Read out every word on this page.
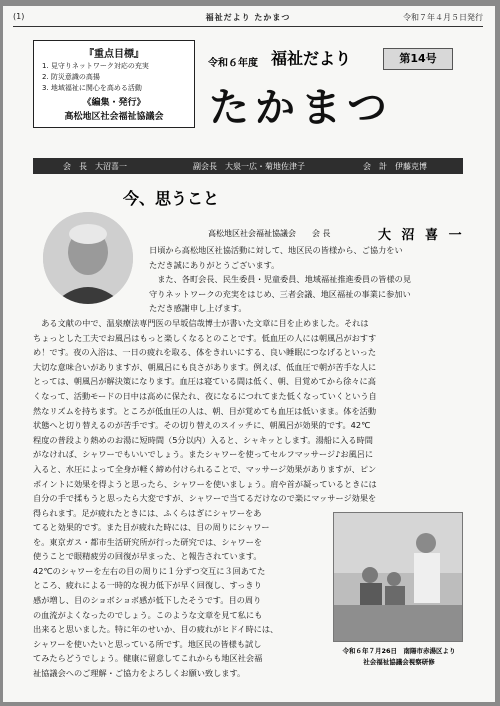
(1)	福祉だより たかまつ	令和７年４月５日発行
『重点目標』
1. 見守りネットワーク対応の充実
2. 防災意識の高揚
3. 地域福祉に関心を高める活動
《編集・発行》
高松地区社会福祉協議会
令和６年度 福祉だより	第14号
たかまつ
会　長　大沼喜一	副会長　大泉一広・菊地佐津子	会　計　伊藤克博
今、思うこと
高松地区社会福祉協議会　　会 長	大 沼 喜 一
日頃から高松地区社協活動に対して、地区民の皆様から、ご協力をい
ただき誠にありがとうございます。
　また、各町会長、民生委員・児童委員、地域福祉推進委員の皆様の見
守りネットワークの充実をはじめ、三者会議、地区福祉の事業に参加い
ただき感謝申し上げます。
　ある文献の中で、温泉療法専門医の早坂信哉博士が書いた文章に目を止めました。それは
ちょっとした工夫でお風呂はもっと楽しくなるとのことです。低血圧の人には朝風呂がおすす
め！です。夜の入浴は、一日の疲れを取る、体をきれいにする、良い睡眠につなげるといった
大切な意味合いがありますが、朝風呂にも良さがあります。例えば、低血圧で朝が苦手な人に
とっては、朝風呂が解決策になります。血圧は寝ている間は低く、朝、目覚めてから徐々に高
くなって、活動モードの日中は高めに保たれ、夜になるにつれてまた低くなっていくという自
然なリズムを持ちます。ところが低血圧の人は、朝、目が覚めても血圧は低いまま。体を活動
状態へと切り替えるのが苦手です。その切り替えのスイッチに、朝風呂が効果的です。42℃
程度の普段より熱めのお湯に短時間（5分以内）入ると、シャキッとします。湯船に入る時間
がなければ、シャワーでもいいでしょう。またシャワーを使ってセルフマッサージ♪お風呂に
入ると、水圧によって全身が軽く締め付けられることで、マッサージ効果がありますが、ピン
ポイントに効果を得ようと思ったら、シャワーを使いましょう。肩や首が凝っているときには
自分の手で揉もうと思ったら大変ですが、シャワーで当てるだけなので楽にマッサージ効果を
得られます。足が疲れたときには、ふくらはぎにシャワーをあ
てると効果的です。また目が疲れた時には、目の周りにシャワー
を。東京ガス・都市生活研究所が行った研究では、シャワーを
使うことで眼精疲労の回復が早まった、と報告されています。
42℃のシャワーを左右の目の周りに１分ずつ交互に３回あてた
ところ、疲れによる一時的な視力低下が早く回復し、すっきり
感が増し、目のショボショボ感が低下したそうです。目の周り
の血流がよくなったのでしょう。このような文章を見て私にも
出来ると思いました。特に年のせいか、目の疲れがヒドイ時には、
シャワーを使いたいと思っている所です。地区民の皆様も試し
てみたらどうでしょう。健康に留意してこれからも地区社会福
祉協議会へのご理解・ご協力をよろしくお願い致します。
令和６年７月26日　南陽市赤湯区より
社会福祉協議会視察研修
